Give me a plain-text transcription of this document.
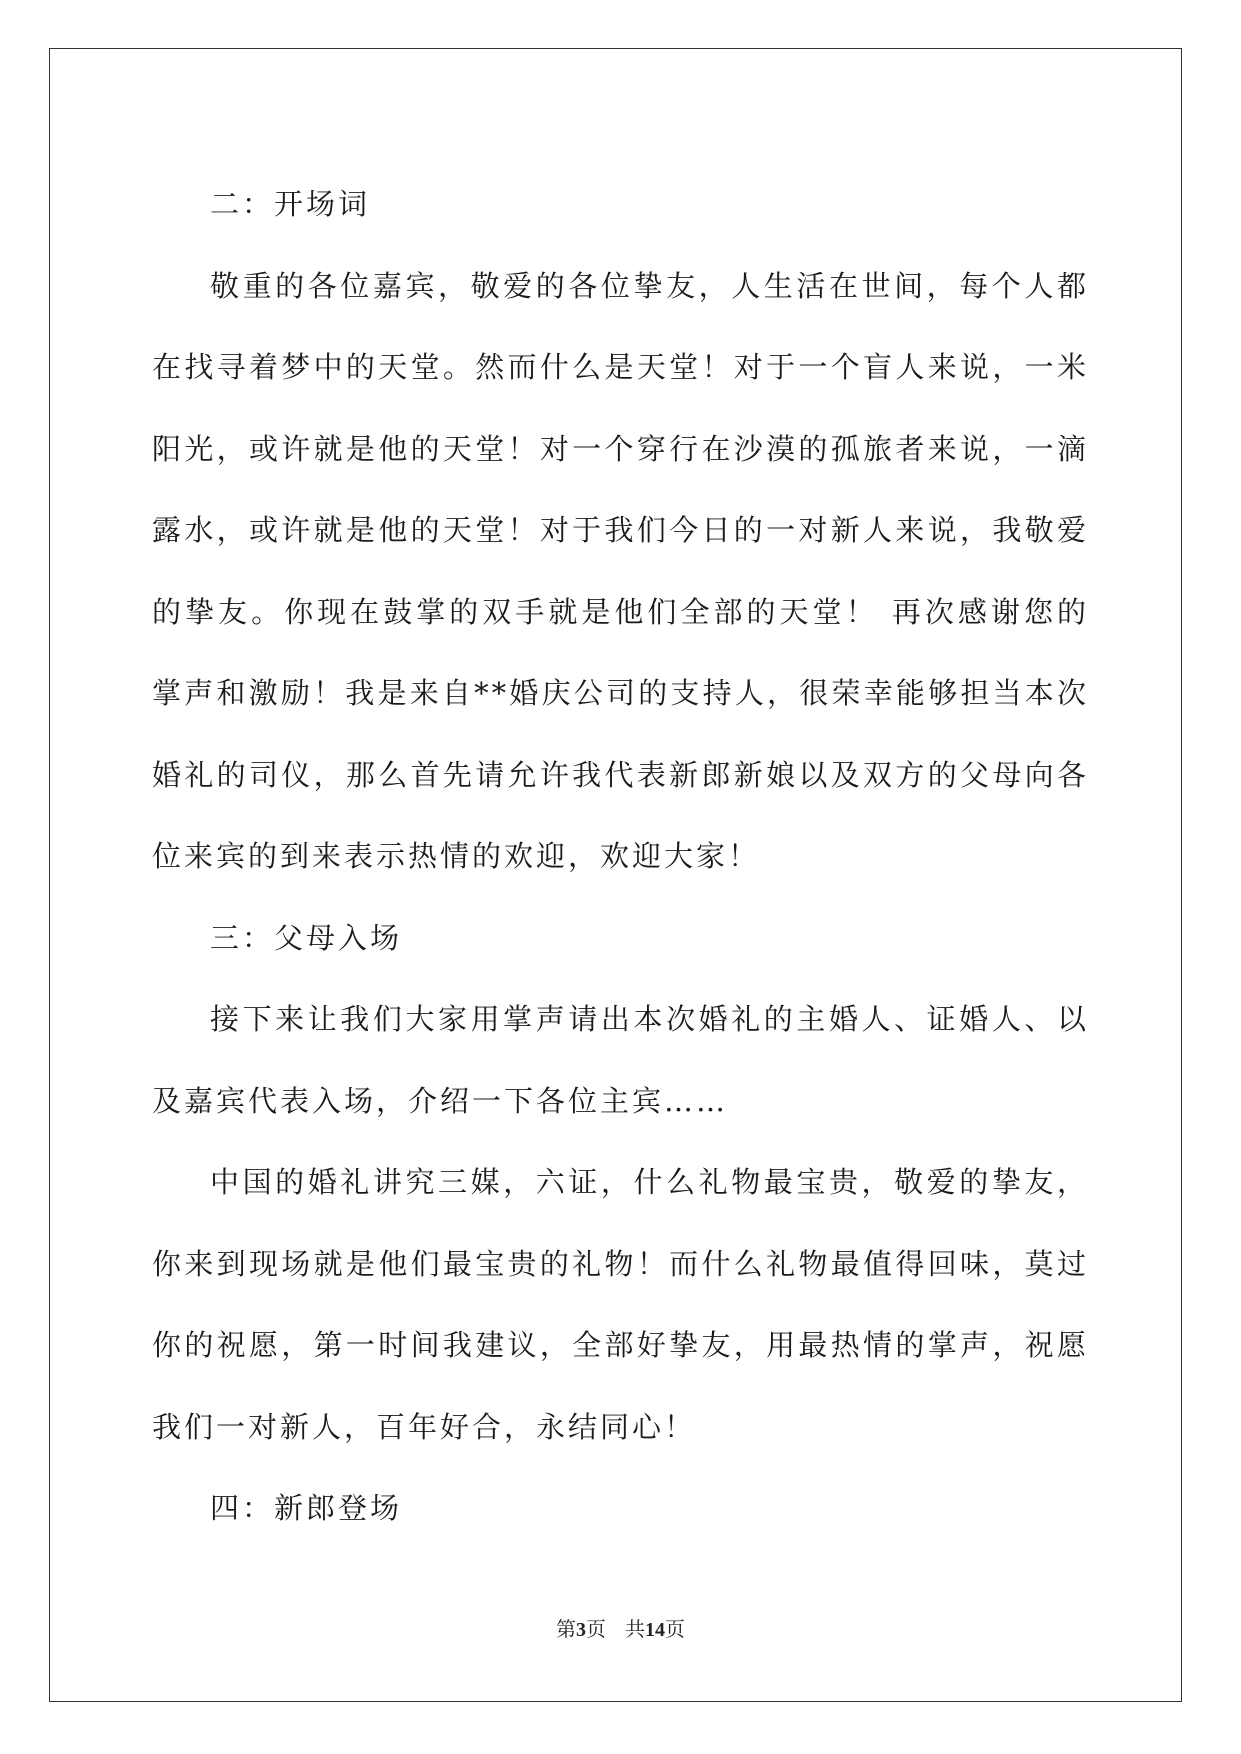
二：开场词

敬重的各位嘉宾，敬爱的各位挚友，人生活在世间，每个人都在找寻着梦中的天堂。然而什么是天堂！对于一个盲人来说，一米阳光，或许就是他的天堂！对一个穿行在沙漠的孤旅者来说，一滴露水，或许就是他的天堂！对于我们今日的一对新人来说，我敬爱的挚友。你现在鼓掌的双手就是他们全部的天堂！ 再次感谢您的掌声和激励！我是来自**婚庆公司的支持人，很荣幸能够担当本次婚礼的司仪，那么首先请允许我代表新郎新娘以及双方的父母向各位来宾的到来表示热情的欢迎，欢迎大家！

三：父母入场

接下来让我们大家用掌声请出本次婚礼的主婚人、证婚人、以及嘉宾代表入场，介绍一下各位主宾……

中国的婚礼讲究三媒，六证，什么礼物最宝贵，敬爱的挚友，你来到现场就是他们最宝贵的礼物！而什么礼物最值得回味，莫过你的祝愿，第一时间我建议，全部好挚友，用最热情的掌声，祝愿我们一对新人，百年好合，永结同心！

四：新郎登场

第3页 共14页
